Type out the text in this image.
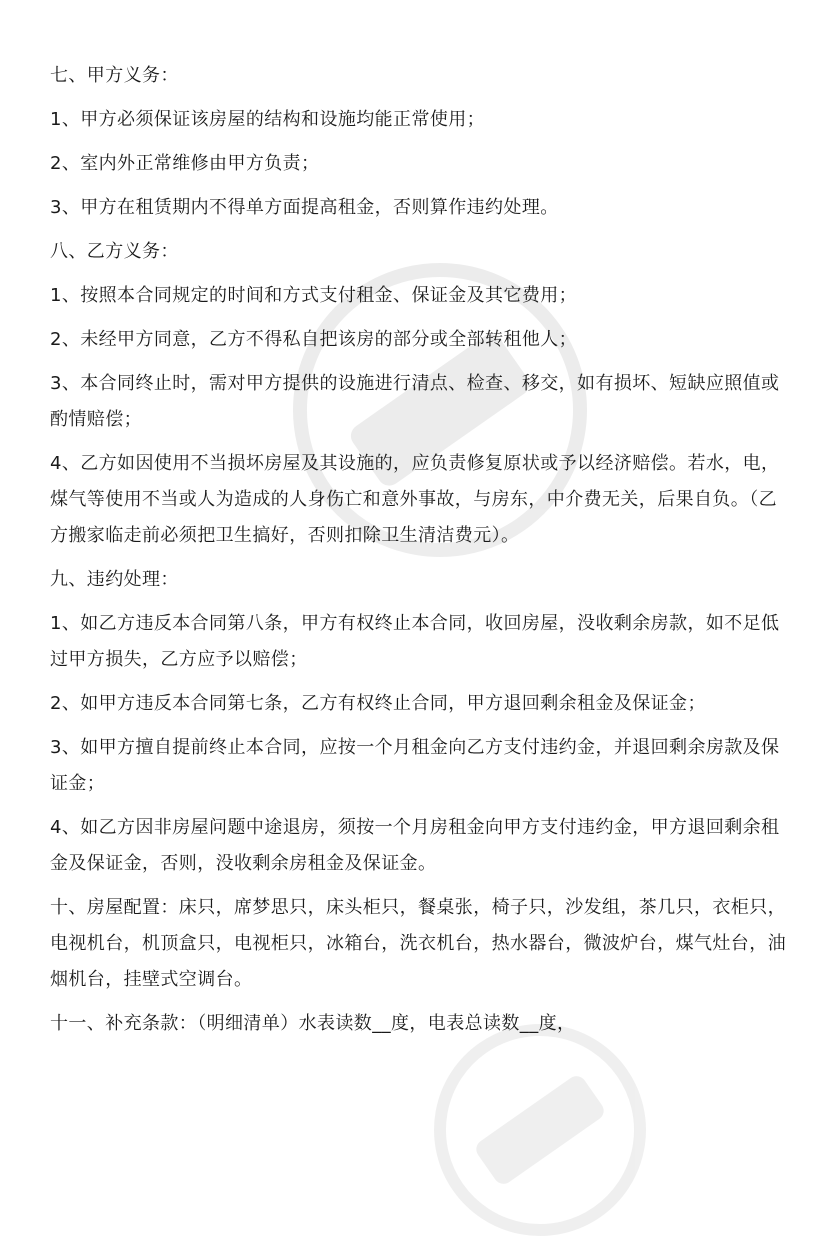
七、甲方义务：

1、甲方必须保证该房屋的结构和设施均能正常使用；

2、室内外正常维修由甲方负责；

3、甲方在租赁期内不得单方面提高租金，否则算作违约处理。

八、乙方义务：

1、按照本合同规定的时间和方式支付租金、保证金及其它费用；

2、未经甲方同意，乙方不得私自把该房的部分或全部转租他人；

3、本合同终止时，需对甲方提供的设施进行清点、检查、移交，如有损坏、短缺应照值或酌情赔偿；

4、乙方如因使用不当损坏房屋及其设施的，应负责修复原状或予以经济赔偿。若水，电，煤气等使用不当或人为造成的人身伤亡和意外事故，与房东，中介费无关，后果自负。（乙方搬家临走前必须把卫生搞好，否则扣除卫生清洁费元）。

九、违约处理：

1、如乙方违反本合同第八条，甲方有权终止本合同，收回房屋，没收剩余房款，如不足低过甲方损失，乙方应予以赔偿；

2、如甲方违反本合同第七条，乙方有权终止合同，甲方退回剩余租金及保证金；

3、如甲方擅自提前终止本合同，应按一个月租金向乙方支付违约金，并退回剩余房款及保证金；

4、如乙方因非房屋问题中途退房，须按一个月房租金向甲方支付违约金，甲方退回剩余租金及保证金，否则，没收剩余房租金及保证金。

十、房屋配置：床只，席梦思只，床头柜只，餐桌张，椅子只，沙发组，茶几只，衣柜只，电视机台，机顶盒只，电视柜只，冰箱台，洗衣机台，热水器台，微波炉台，煤气灶台，油烟机台，挂壁式空调台。

十一、补充条款：（明细清单）水表读数__度，电表总读数__度，
